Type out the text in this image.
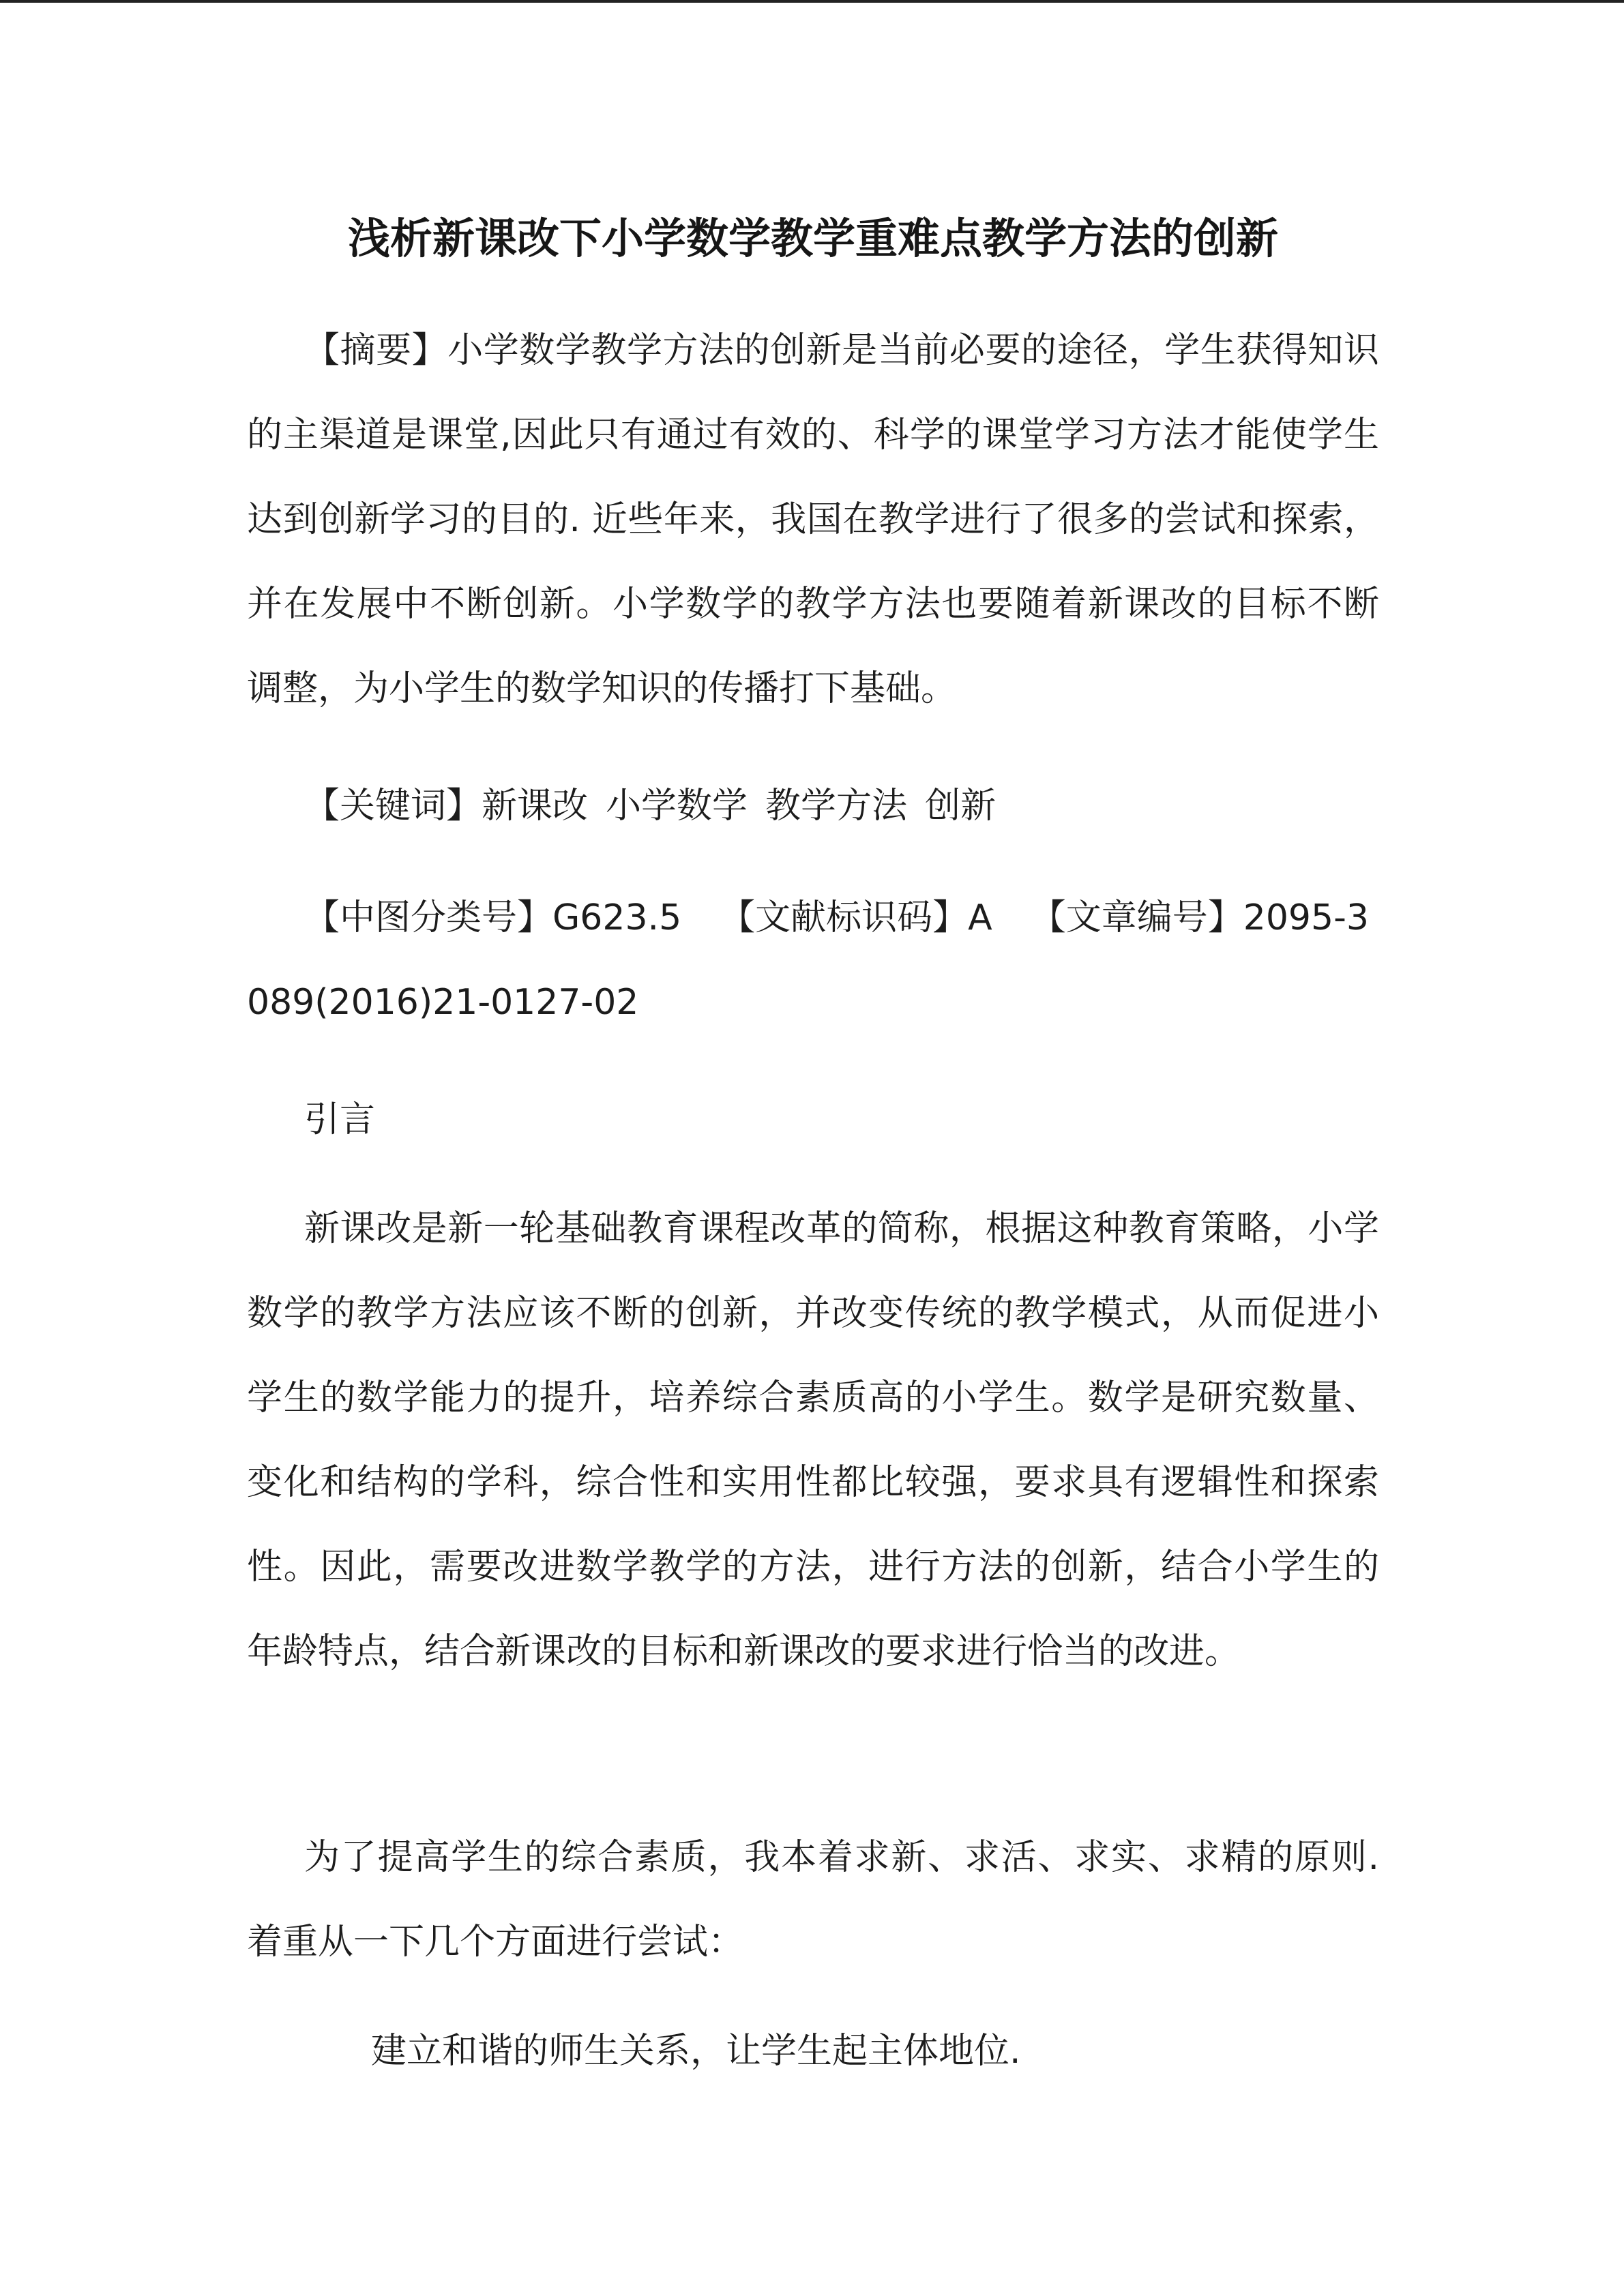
浅析新课改下小学数学教学重难点教学方法的创新

【摘要】小学数学教学方法的创新是当前必要的途径，学生获得知识的主渠道是课堂,因此只有通过有效的、科学的课堂学习方法才能使学生达到创新学习的目的. 近些年来，我国在教学进行了很多的尝试和探索，并在发展中不断创新。小学数学的教学方法也要随着新课改的目标不断调整，为小学生的数学知识的传播打下基础。

【关键词】新课改 小学数学 教学方法 创新

【中图分类号】G623.5 【文献标识码】A 【文章编号】2095-3089(2016)21-0127-02

引言

新课改是新一轮基础教育课程改革的简称，根据这种教育策略，小学数学的教学方法应该不断的创新，并改变传统的教学模式，从而促进小学生的数学能力的提升，培养综合素质高的小学生。数学是研究数量、变化和结构的学科，综合性和实用性都比较强，要求具有逻辑性和探索性。因此，需要改进数学教学的方法，进行方法的创新，结合小学生的年龄特点，结合新课改的目标和新课改的要求进行恰当的改进。

为了提高学生的综合素质，我本着求新、求活、求实、求精的原则. 着重从一下几个方面进行尝试：

建立和谐的师生关系，让学生起主体地位.
